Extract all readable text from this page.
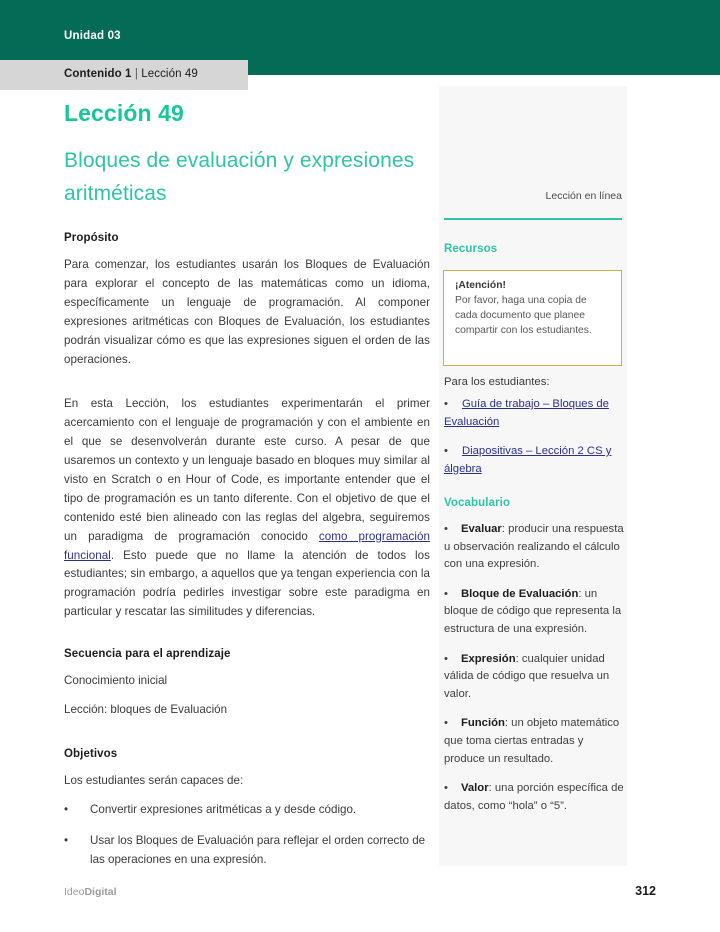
Unidad 03
Contenido 1 | Lección 49
Lección 49
Bloques de evaluación y expresiones aritméticas
Propósito
Para comenzar, los estudiantes usarán los Bloques de Evaluación para explorar el concepto de las matemáticas como un idioma, específicamente un lenguaje de programación. Al componer expresiones aritméticas con Bloques de Evaluación, los estudiantes podrán visualizar cómo es que las expresiones siguen el orden de las operaciones.
En esta Lección, los estudiantes experimentarán el primer acercamiento con el lenguaje de programación y con el ambiente en el que se desenvolverán durante este curso. A pesar de que usaremos un contexto y un lenguaje basado en bloques muy similar al visto en Scratch o en Hour of Code, es importante entender que el tipo de programación es un tanto diferente. Con el objetivo de que el contenido esté bien alineado con las reglas del algebra, seguiremos un paradigma de programación conocido como programación funcional. Esto puede que no llame la atención de todos los estudiantes; sin embargo, a aquellos que ya tengan experiencia con la programación podría pedirles investigar sobre este paradigma en particular y rescatar las similitudes y diferencias.
Secuencia para el aprendizaje
Conocimiento inicial
Lección: bloques de Evaluación
Objetivos
Los estudiantes serán capaces de:
•	Convertir expresiones aritméticas a y desde código.
•	Usar los Bloques de Evaluación para reflejar el orden correcto de las operaciones en una expresión.
Lección en línea
Recursos
¡Atención!
Por favor, haga una copia de cada documento que planee compartir con los estudiantes.
Para los estudiantes:
• Guía de trabajo – Bloques de Evaluación
• Diapositivas – Lección 2 CS y álgebra
Vocabulario
• Evaluar: producir una respuesta u observación realizando el cálculo con una expresión.
• Bloque de Evaluación: un bloque de código que representa la estructura de una expresión.
• Expresión: cualquier unidad válida de código que resuelva un valor.
• Función: un objeto matemático que toma ciertas entradas y produce un resultado.
• Valor: una porción específica de datos, como “hola” o “5”.
IdeoDigital	312
